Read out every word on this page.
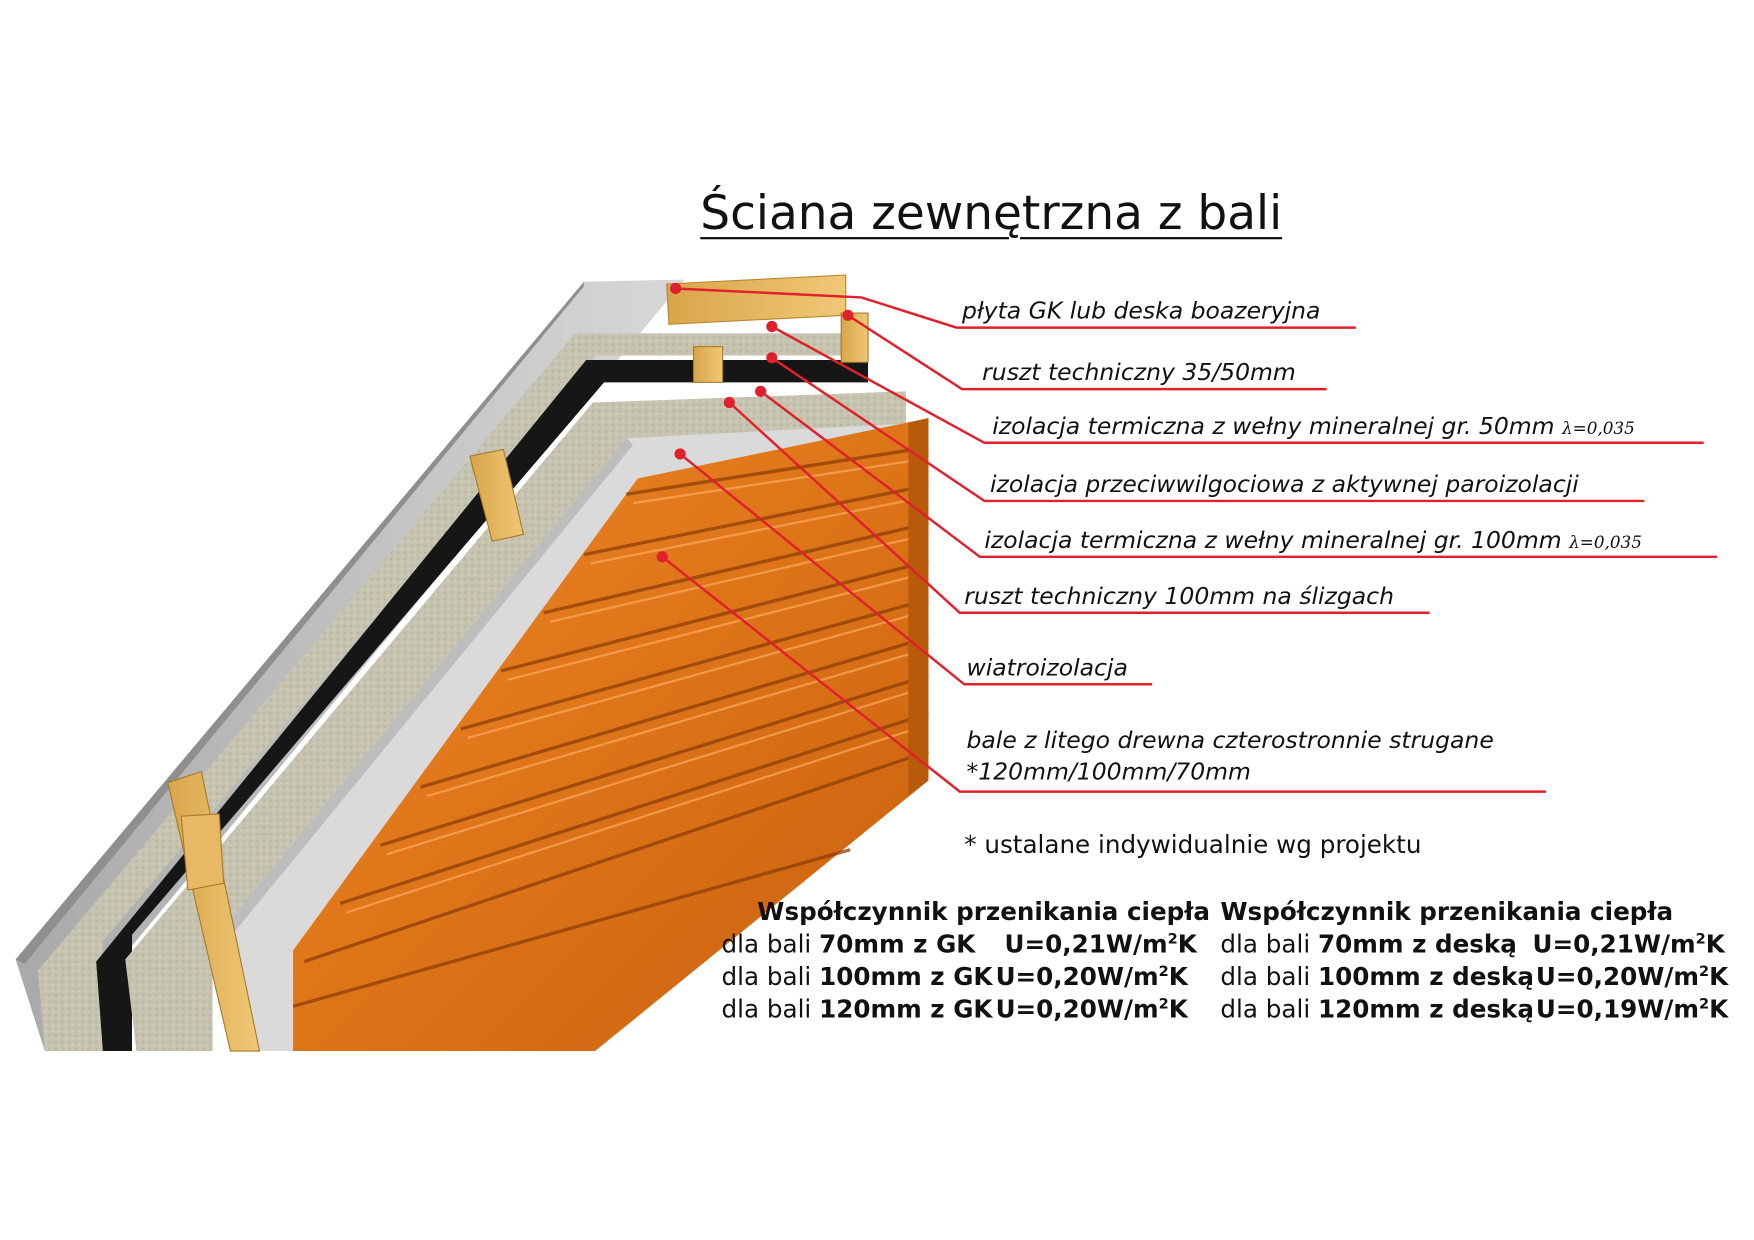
Ściana zewnętrzna z bali
płyta GK lub deska boazeryjna
ruszt techniczny 35/50mm
izolacja termiczna z wełny mineralnej gr. 50mm λ=0,035
izolacja przeciwwilgociowa z aktywnej paroizolacji
izolacja termiczna z wełny mineralnej gr. 100mm λ=0,035
ruszt techniczny 100mm na ślizgach
wiatroizolacja
bale z litego drewna czterostronnie strugane
*120mm/100mm/70mm
* ustalane indywidualnie wg projektu
Współczynnik przenikania ciepła
dla bali 70mm z GK $U=0,21W/m^2K$
dla bali 100mm z GK $U=0,20W/m^2K$
dla bali 120mm z GK $U=0,20W/m^2K$
Współczynnik przenikania ciepła
dla bali 70mm z deską $U=0,21W/m^2K$
dla bali 100mm z deską $U=0,20W/m^2K$
dla bali 120mm z deską $U=0,19W/m^2K$
